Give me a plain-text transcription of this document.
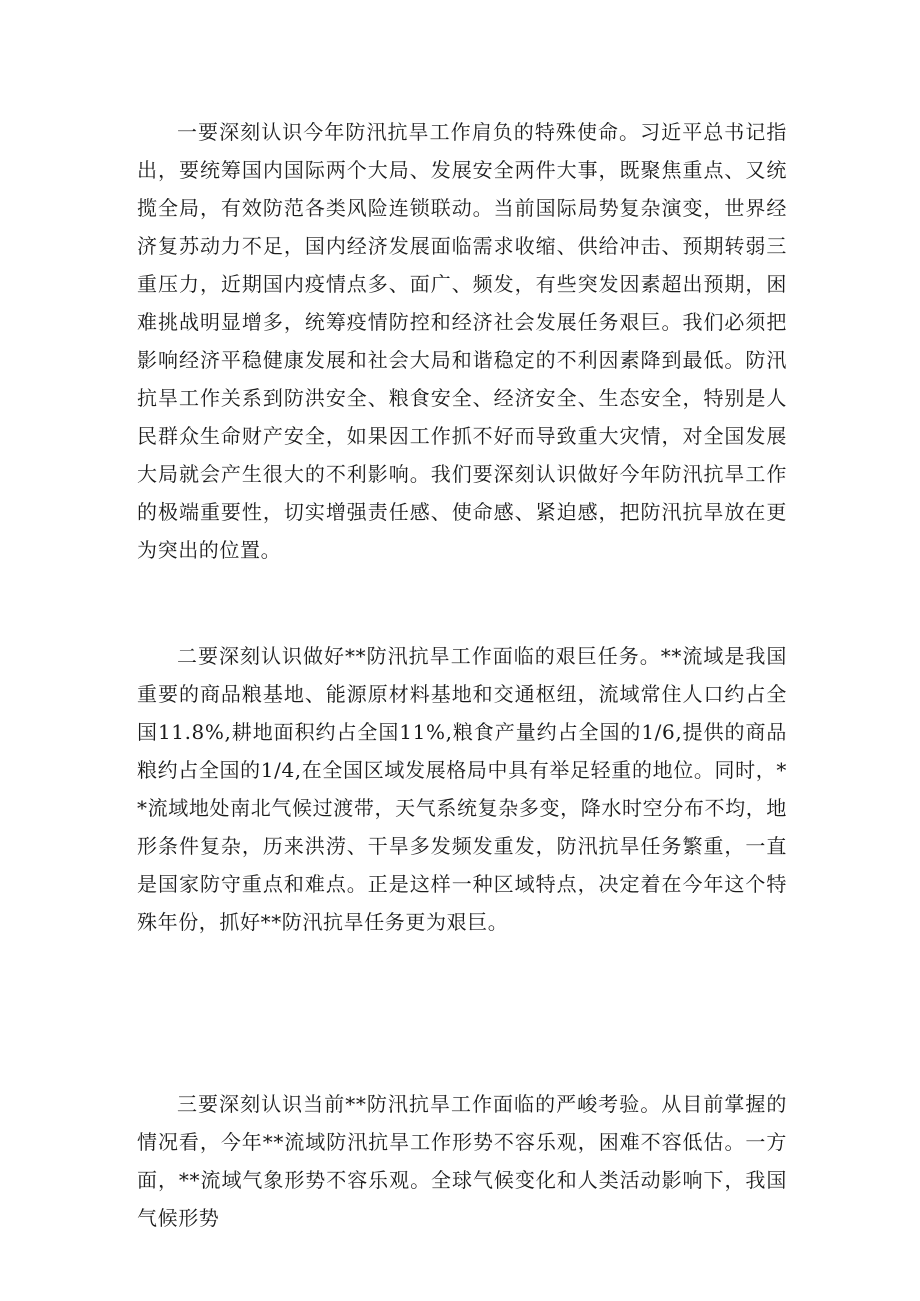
一要深刻认识今年防汛抗旱工作肩负的特殊使命。习近平总书记指出，要统筹国内国际两个大局、发展安全两件大事，既聚焦重点、又统揽全局，有效防范各类风险连锁联动。当前国际局势复杂演变，世界经济复苏动力不足，国内经济发展面临需求收缩、供给冲击、预期转弱三重压力，近期国内疫情点多、面广、频发，有些突发因素超出预期，困难挑战明显增多，统筹疫情防控和经济社会发展任务艰巨。我们必须把影响经济平稳健康发展和社会大局和谐稳定的不利因素降到最低。防汛抗旱工作关系到防洪安全、粮食安全、经济安全、生态安全，特别是人民群众生命财产安全，如果因工作抓不好而导致重大灾情，对全国发展大局就会产生很大的不利影响。我们要深刻认识做好今年防汛抗旱工作的极端重要性，切实增强责任感、使命感、紧迫感，把防汛抗旱放在更为突出的位置。

二要深刻认识做好**防汛抗旱工作面临的艰巨任务。**流域是我国重要的商品粮基地、能源原材料基地和交通枢纽，流域常住人口约占全国11.8%,耕地面积约占全国11%,粮食产量约占全国的1/6,提供的商品粮约占全国的1/4,在全国区域发展格局中具有举足轻重的地位。同时，**流域地处南北气候过渡带，天气系统复杂多变，降水时空分布不均，地形条件复杂，历来洪涝、干旱多发频发重发，防汛抗旱任务繁重，一直是国家防守重点和难点。正是这样一种区域特点，决定着在今年这个特殊年份，抓好**防汛抗旱任务更为艰巨。

三要深刻认识当前**防汛抗旱工作面临的严峻考验。从目前掌握的情况看，今年**流域防汛抗旱工作形势不容乐观，困难不容低估。一方面，**流域气象形势不容乐观。全球气候变化和人类活动影响下，我国气候形势
